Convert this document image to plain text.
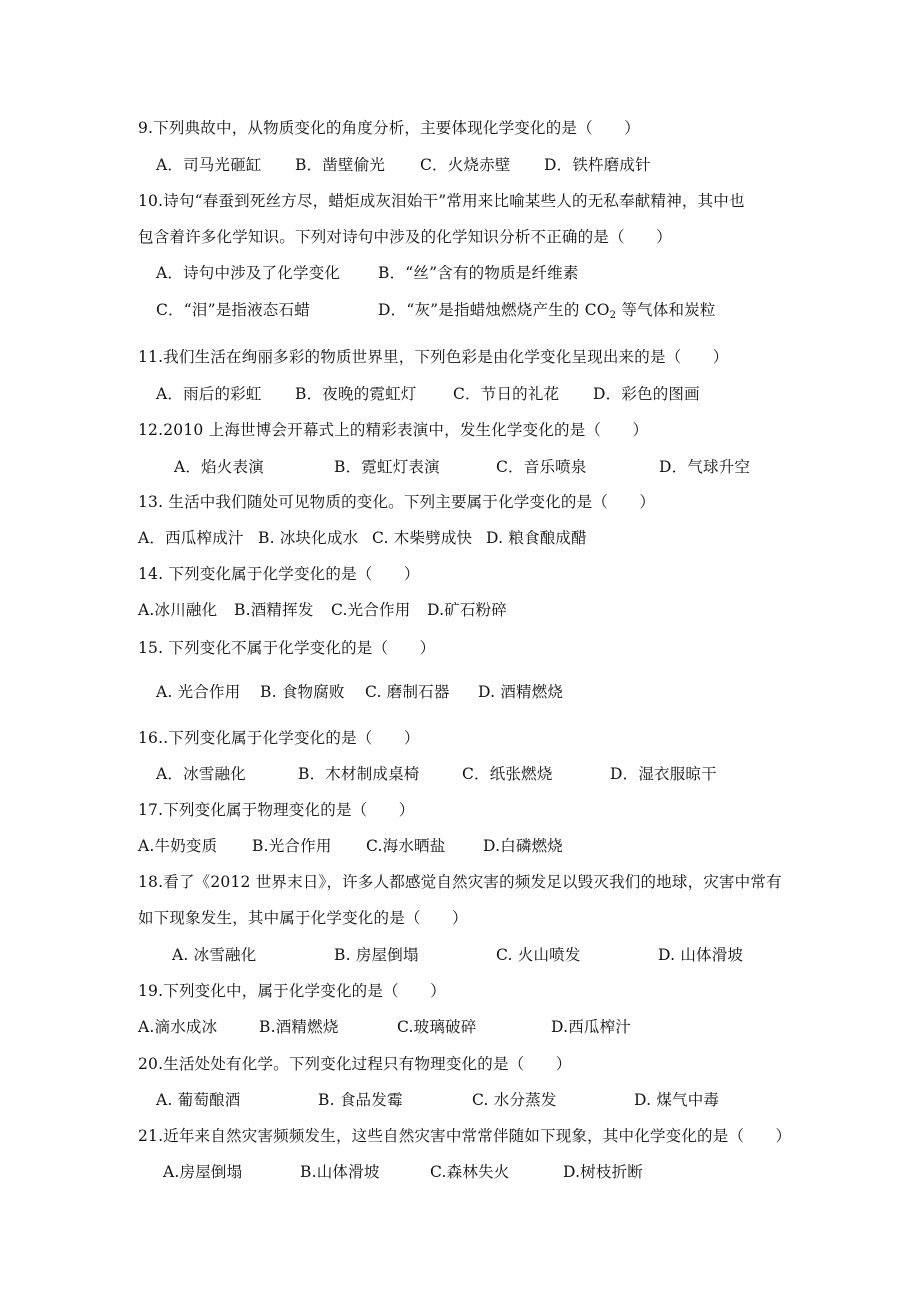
9.下列典故中，从物质变化的角度分析，主要体现化学变化的是（　　）
A．司马光砸缸 B．凿壁偷光 C．火烧赤壁 D．铁杵磨成针
10.诗句“春蚕到死丝方尽，蜡炬成灰泪始干”常用来比喻某些人的无私奉献精神，其中也
包含着许多化学知识。下列对诗句中涉及的化学知识分析不正确的是（　　）
A．诗句中涉及了化学变化 B．“丝”含有的物质是纤维素
C．“泪”是指液态石蜡	D．“灰”是指蜡烛燃烧产生的 $CO_2$ 等气体和炭粒
11.我们生活在绚丽多彩的物质世界里，下列色彩是由化学变化呈现出来的是（　　）
A．雨后的彩虹 B．夜晚的霓虹灯 C．节日的礼花 D．彩色的图画
12.2010 上海世博会开幕式上的精彩表演中，发生化学变化的是（　　）
A．焰火表演	B．霓虹灯表演	C．音乐喷泉	D．气球升空
13. 生活中我们随处可见物质的变化。下列主要属于化学变化的是（　　）
A．西瓜榨成汁 B. 冰块化成水 C. 木柴劈成快 D. 粮食酿成醋
14. 下列变化属于化学变化的是（　　）
A.冰川融化 B.酒精挥发 C.光合作用 D.矿石粉碎
15. 下列变化不属于化学变化的是（　　）
A. 光合作用 B. 食物腐败 C. 磨制石器 D. 酒精燃烧
16..下列变化属于化学变化的是（　　）
A．冰雪融化	B．木材制成桌椅	C．纸张燃烧	D．湿衣服晾干
17.下列变化属于物理变化的是（　　）
A.牛奶变质 B.光合作用 C.海水晒盐 D.白磷燃烧
18.看了《2012 世界末日》，许多人都感觉自然灾害的频发足以毁灭我们的地球，灾害中常有
如下现象发生，其中属于化学变化的是（　　）
A. 冰雪融化	B. 房屋倒塌	C. 火山喷发	D. 山体滑坡
19.下列变化中，属于化学变化的是（　　）
A.滴水成冰	B.酒精燃烧	C.玻璃破碎	D.西瓜榨汁
20.生活处处有化学。下列变化过程只有物理变化的是（　　）
A. 葡萄酿酒	B. 食品发霉	C. 水分蒸发	D. 煤气中毒
21.近年来自然灾害频频发生，这些自然灾害中常常伴随如下现象，其中化学变化的是（　　）
A.房屋倒塌	B.山体滑坡	C.森林失火	D.树枝折断
